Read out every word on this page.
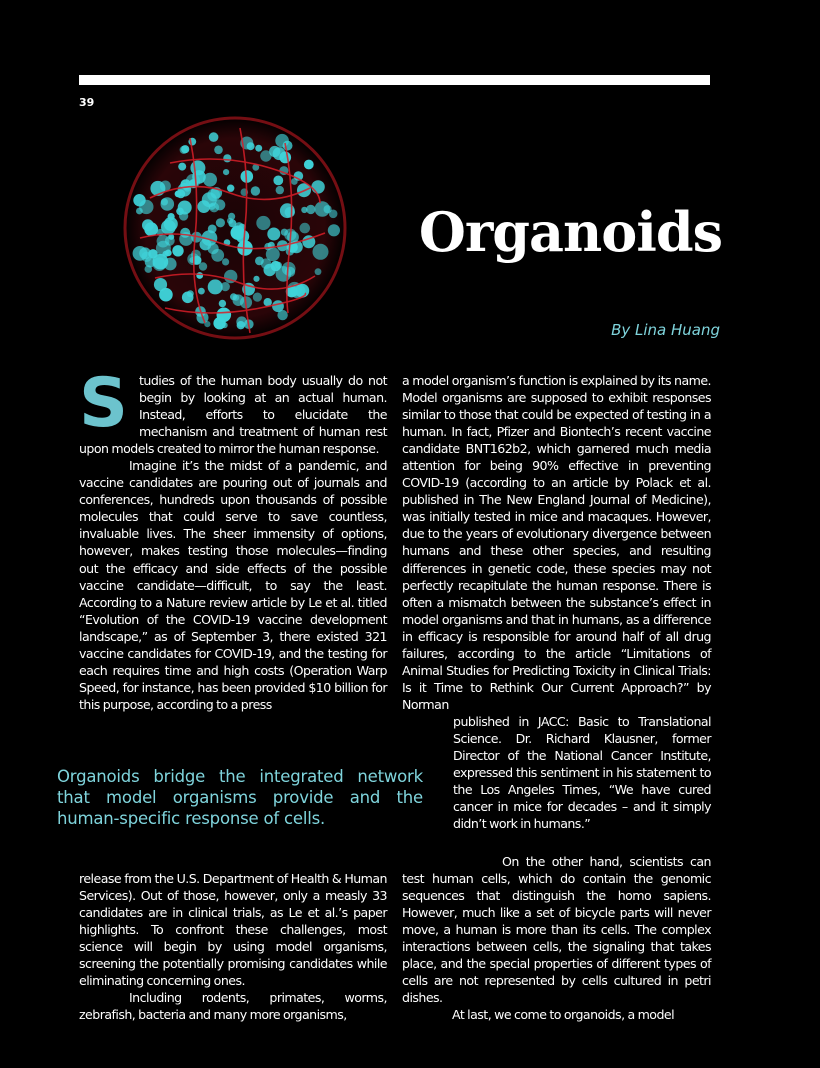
39
Organoids
By Lina Huang
S tudies of the human body usually do not begin by looking at an actual human. Instead, efforts to elucidate the mechanism and treatment of human rest upon models created to mirror the human response.

Imagine it’s the midst of a pandemic, and vaccine candidates are pouring out of journals and conferences, hundreds upon thousands of possible molecules that could serve to save countless, invaluable lives. The sheer immensity of options, however, makes testing those molecules—finding out the efficacy and side effects of the possible vaccine candidate—difficult, to say the least. According to a Nature review article by Le et al. titled “Evolution of the COVID-19 vaccine development landscape,” as of September 3, there existed 321 vaccine candidates for COVID-19, and the testing for each requires time and high costs (Operation Warp Speed, for instance, has been provided $10 billion for this purpose, according to a press

a model organism’s function is explained by its name. Model organisms are supposed to exhibit responses similar to those that could be expected of testing in a human. In fact, Pfizer and Biontech’s recent vaccine candidate BNT162b2, which garnered much media attention for being 90% effective in preventing COVID-19 (according to an article by Polack et al. published in The New England Journal of Medicine), was initially tested in mice and macaques. However, due to the years of evolutionary divergence between humans and these other species, and resulting differences in genetic code, these species may not perfectly recapitulate the human response. There is often a mismatch between the substance’s effect in model organisms and that in humans, as a difference in efficacy is responsible for around half of all drug failures, according to the article “Limitations of Animal Studies for Predicting Toxicity in Clinical Trials: Is it Time to Rethink Our Current Approach?” by Norman

published in JACC: Basic to Translational Science. Dr. Richard Klausner, former Director of the National Cancer Institute, expressed this sentiment in his statement to the Los Angeles Times, “We have cured cancer in mice for decades – and it simply didn’t work in humans.”

Organoids bridge the integrated network that model organisms provide and the human-specific response of cells.

release from the U.S. Department of Health & Human Services). Out of those, however, only a measly 33 candidates are in clinical trials, as Le et al.’s paper highlights. To confront these challenges, most science will begin by using model organisms, screening the potentially promising candidates while eliminating concerning ones.

Including rodents, primates, worms, zebrafish, bacteria and many more organisms,

On the other hand, scientists can test human cells, which do contain the genomic sequences that distinguish the homo sapiens. However, much like a set of bicycle parts will never move, a human is more than its cells. The complex interactions between cells, the signaling that takes place, and the special properties of different types of cells are not represented by cells cultured in petri dishes.

At last, we come to organoids, a model
